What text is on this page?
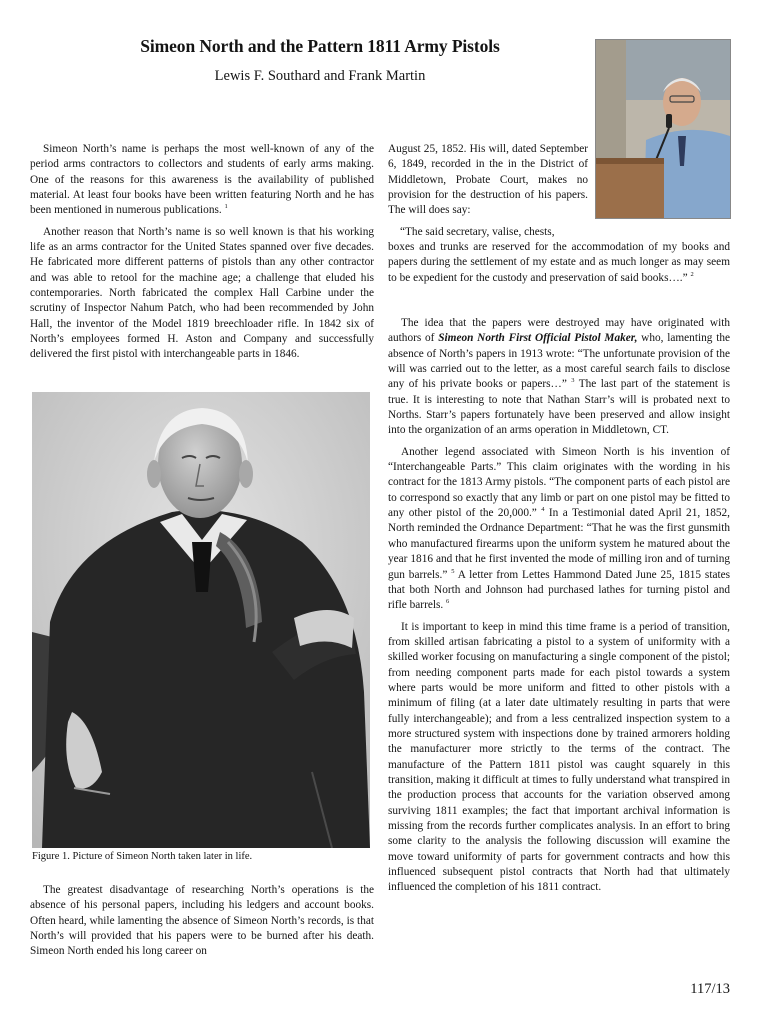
Simeon North and the Pattern 1811 Army Pistols

Lewis F. Southard and Frank Martin

Simeon North’s name is perhaps the most well-known of any of the period arms contractors to collectors and students of early arms making. One of the reasons for this awareness is the availability of published material. At least four books have been written featuring North and he has been mentioned in numerous publications. $^1$

Another reason that North’s name is so well known is that his working life as an arms contractor for the United States spanned over five decades. He fabricated more different patterns of pistols than any other contractor and was able to retool for the machine age; a challenge that eluded his contemporaries. North fabricated the complex Hall Carbine under the scrutiny of Inspector Nahum Patch, who had been recommended by John Hall, the inventor of the Model 1819 breechloader rifle. In 1842 six of North’s employees formed H. Aston and Company and successfully delivered the first pistol with interchangeable parts in 1846.

Figure 1. Picture of Simeon North taken later in life.

The greatest disadvantage of researching North’s operations is the absence of his personal papers, including his ledgers and account books. Often heard, while lamenting the absence of Simeon North’s records, is that North’s will provided that his papers were to be burned after his death. Simeon North ended his long career on

August 25, 1852. His will, dated September 6, 1849, recorded in the in the District of Middletown, Probate Court, makes no provision for the destruction of his papers. The will does say:

“The said secretary, valise, chests,
boxes and trunks are reserved for the accommodation of my books and papers during the settlement of my estate and as much longer as may seem to be expedient for the custody and preservation of said books….” $^2$

The idea that the papers were destroyed may have originated with authors of Simeon North First Official Pistol Maker, who, lamenting the absence of North’s papers in 1913 wrote: “The unfortunate provision of the will was carried out to the letter, as a most careful search fails to disclose any of his private books or papers…” $^3$ The last part of the statement is true. It is interesting to note that Nathan Starr’s will is probated next to Norths. Starr’s papers fortunately have been preserved and allow insight into the organization of an arms operation in Middletown, CT.

Another legend associated with Simeon North is his invention of “Interchangeable Parts.” This claim originates with the wording in his contract for the 1813 Army pistols. “The component parts of each pistol are to correspond so exactly that any limb or part on one pistol may be fitted to any other pistol of the 20,000.” $^4$ In a Testimonial dated April 21, 1852, North reminded the Ordnance Department: “That he was the first gunsmith who manufactured firearms upon the uniform system he matured about the year 1816 and that he first invented the mode of milling iron and of turning gun barrels.” $^5$ A letter from Lettes Hammond Dated June 25, 1815 states that both North and Johnson had purchased lathes for turning pistol and rifle barrels. $^6$

It is important to keep in mind this time frame is a period of transition, from skilled artisan fabricating a pistol to a system of uniformity with a skilled worker focusing on manufacturing a single component of the pistol; from needing component parts made for each pistol towards a system where parts would be more uniform and fitted to other pistols with a minimum of filing (at a later date ultimately resulting in parts that were fully interchangeable); and from a less centralized inspection system to a more structured system with inspections done by trained armorers holding the manufacturer more strictly to the terms of the contract. The manufacture of the Pattern 1811 pistol was caught squarely in this transition, making it difficult at times to fully understand what transpired in the production process that accounts for the variation observed among surviving 1811 examples; the fact that important archival information is missing from the records further complicates analysis. In an effort to bring some clarity to the analysis the following discussion will examine the move toward uniformity of parts for government contracts and how this influenced subsequent pistol contracts that North had that ultimately influenced the completion of his 1811 contract.

117/13
